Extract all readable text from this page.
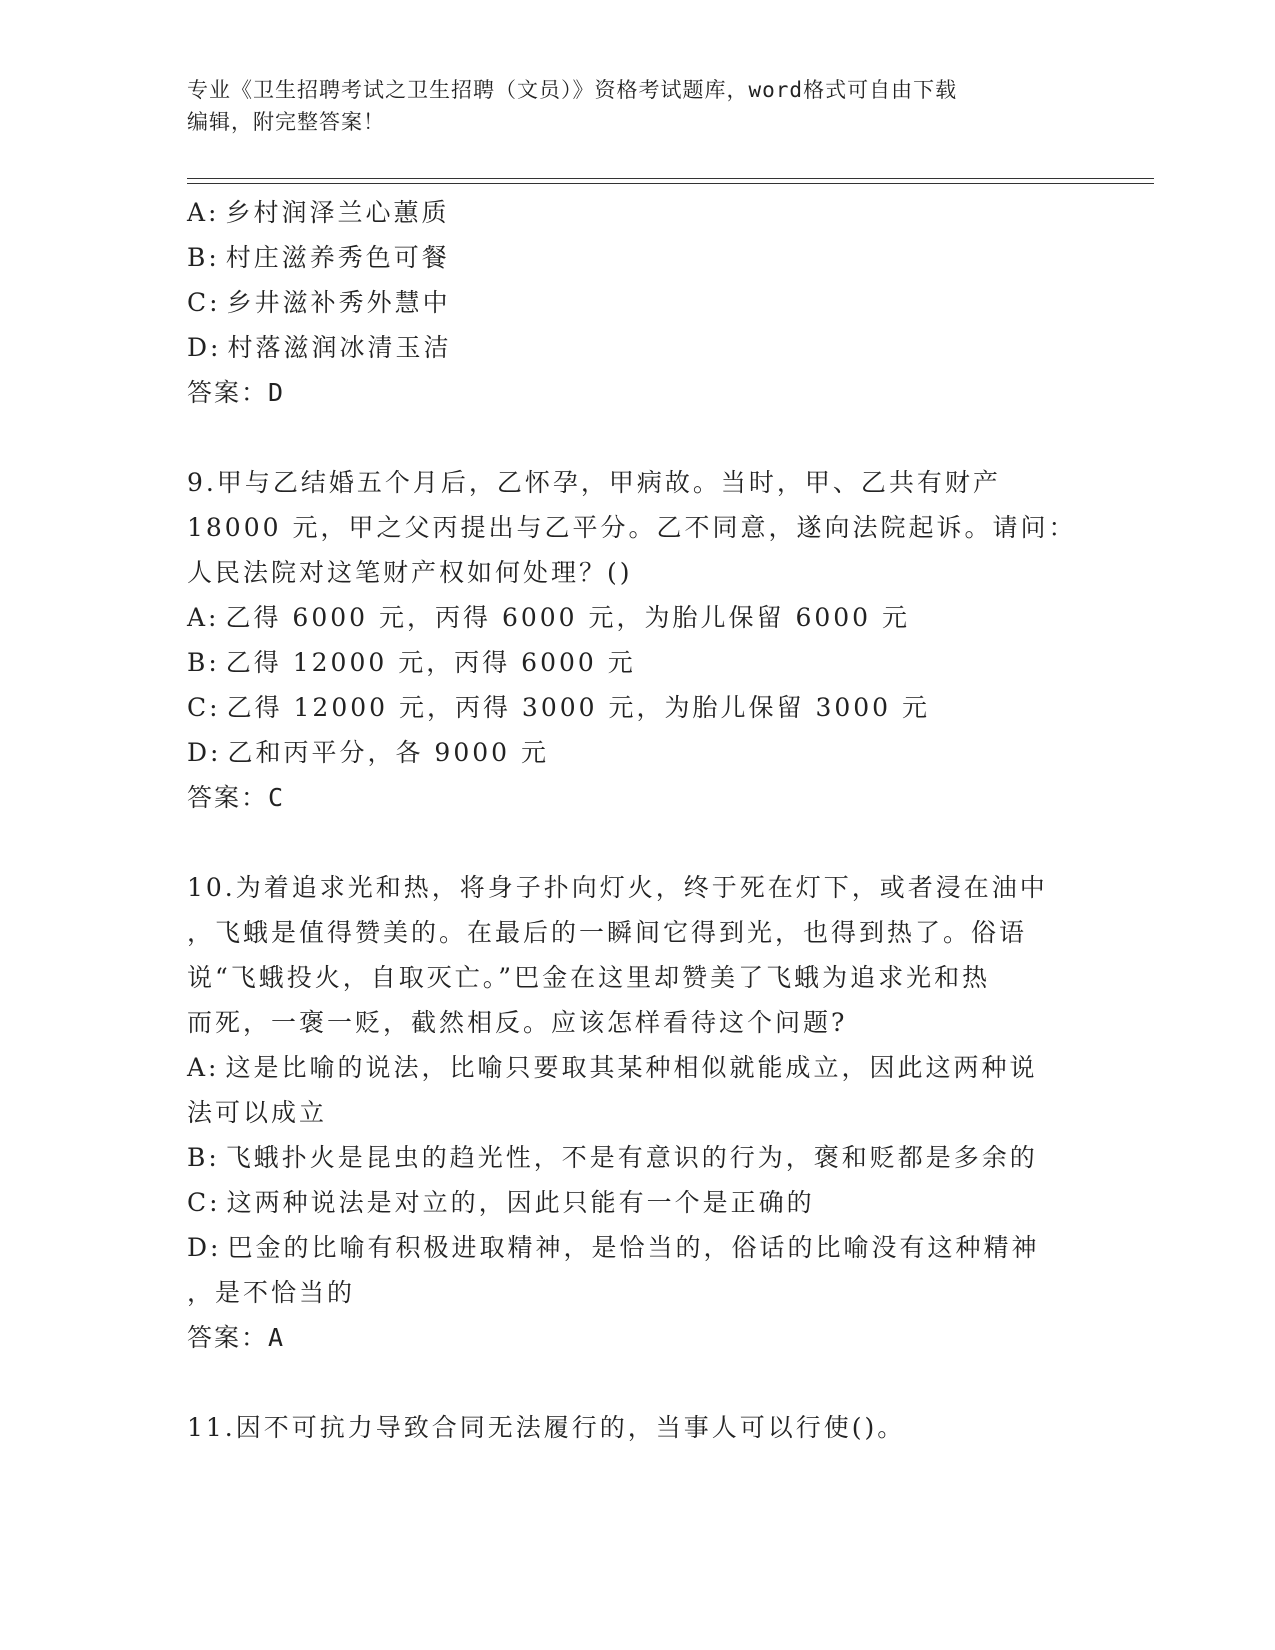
专业《卫生招聘考试之卫生招聘（文员）》资格考试题库，word格式可自由下载
编辑，附完整答案！
A: 乡村润泽兰心蕙质
B: 村庄滋养秀色可餐
C: 乡井滋补秀外慧中
D: 村落滋润冰清玉洁
答案：D
9.甲与乙结婚五个月后，乙怀孕，甲病故。当时，甲、乙共有财产
18000 元，甲之父丙提出与乙平分。乙不同意，遂向法院起诉。请问：
人民法院对这笔财产权如何处理？()
A: 乙得 6000 元，丙得 6000 元，为胎儿保留 6000 元
B: 乙得 12000 元，丙得 6000 元
C: 乙得 12000 元，丙得 3000 元，为胎儿保留 3000 元
D: 乙和丙平分，各 9000 元
答案：C
10.为着追求光和热，将身子扑向灯火，终于死在灯下，或者浸在油中
，飞蛾是值得赞美的。在最后的一瞬间它得到光，也得到热了。俗语
说“飞蛾投火，自取灭亡。”巴金在这里却赞美了飞蛾为追求光和热
而死，一褒一贬，截然相反。应该怎样看待这个问题?
A: 这是比喻的说法，比喻只要取其某种相似就能成立，因此这两种说
法可以成立
B: 飞蛾扑火是昆虫的趋光性，不是有意识的行为，褒和贬都是多余的
C: 这两种说法是对立的，因此只能有一个是正确的
D: 巴金的比喻有积极进取精神，是恰当的，俗话的比喻没有这种精神
，是不恰当的
答案：A
11.因不可抗力导致合同无法履行的，当事人可以行使()。
